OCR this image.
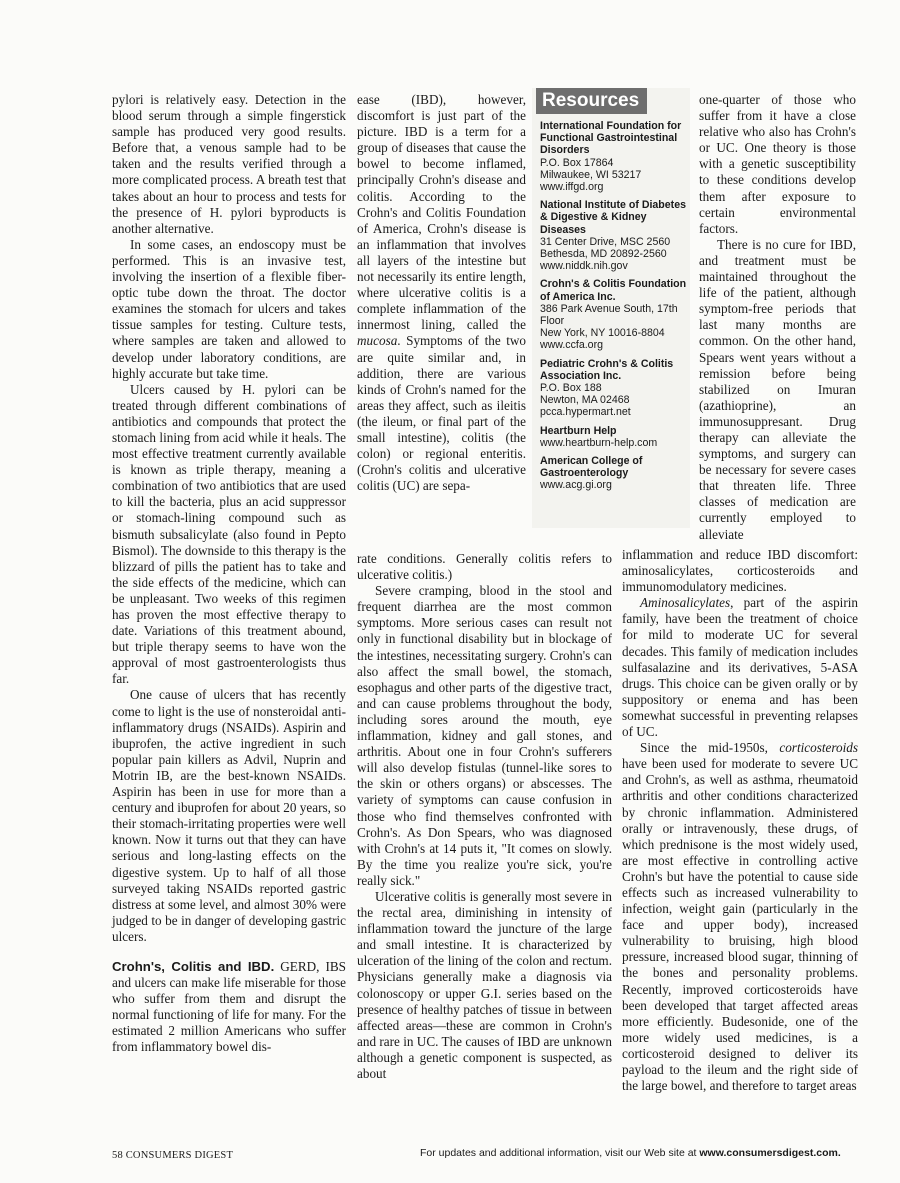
pylori is relatively easy. Detection in the blood serum through a simple fingerstick sample has produced very good results. Before that, a venous sample had to be taken and the results verified through a more complicated process. A breath test that takes about an hour to process and tests for the presence of H. pylori byproducts is another alternative.

In some cases, an endoscopy must be performed. This is an invasive test, involving the insertion of a flexible fiber-optic tube down the throat. The doctor examines the stomach for ulcers and takes tissue samples for testing. Culture tests, where samples are taken and allowed to develop under laboratory conditions, are highly accurate but take time.

Ulcers caused by H. pylori can be treated through different combinations of antibiotics and compounds that protect the stomach lining from acid while it heals. The most effective treatment currently available is known as triple therapy, meaning a combination of two antibiotics that are used to kill the bacteria, plus an acid suppressor or stomach-lining compound such as bismuth subsalicylate (also found in Pepto Bismol). The downside to this therapy is the blizzard of pills the patient has to take and the side effects of the medicine, which can be unpleasant. Two weeks of this regimen has proven the most effective therapy to date. Variations of this treatment abound, but triple therapy seems to have won the approval of most gastroenterologists thus far.

One cause of ulcers that has recently come to light is the use of nonsteroidal anti-inflammatory drugs (NSAIDs). Aspirin and ibuprofen, the active ingredient in such popular pain killers as Advil, Nuprin and Motrin IB, are the best-known NSAIDs. Aspirin has been in use for more than a century and ibuprofen for about 20 years, so their stomach-irritating properties were well known. Now it turns out that they can have serious and long-lasting effects on the digestive system. Up to half of all those surveyed taking NSAIDs reported gastric distress at some level, and almost 30% were judged to be in danger of developing gastric ulcers.

Crohn's, Colitis and IBD. GERD, IBS and ulcers can make life miserable for those who suffer from them and disrupt the normal functioning of life for many. For the estimated 2 million Americans who suffer from inflammatory bowel dis-

ease (IBD), however, discomfort is just part of the picture. IBD is a term for a group of diseases that cause the bowel to become inflamed, principally Crohn's disease and colitis. According to the Crohn's and Colitis Foundation of America, Crohn's disease is an inflammation that involves all layers of the intestine but not necessarily its entire length, where ulcerative colitis is a complete inflammation of the innermost lining, called the mucosa. Symptoms of the two are quite similar and, in addition, there are various kinds of Crohn's named for the areas they affect, such as ileitis (the ileum, or final part of the small intestine), colitis (the colon) or regional enteritis. (Crohn's colitis and ulcerative colitis (UC) are sepa-

rate conditions. Generally colitis refers to ulcerative colitis.)

Severe cramping, blood in the stool and frequent diarrhea are the most common symptoms. More serious cases can result not only in functional disability but in blockage of the intestines, necessitating surgery. Crohn's can also affect the small bowel, the stomach, esophagus and other parts of the digestive tract, and can cause problems throughout the body, including sores around the mouth, eye inflammation, kidney and gall stones, and arthritis. About one in four Crohn's sufferers will also develop fistulas (tunnel-like sores to the skin or others organs) or abscesses. The variety of symptoms can cause confusion in those who find themselves confronted with Crohn's. As Don Spears, who was diagnosed with Crohn's at 14 puts it, "It comes on slowly. By the time you realize you're sick, you're really sick."

Ulcerative colitis is generally most severe in the rectal area, diminishing in intensity of inflammation toward the juncture of the large and small intestine. It is characterized by ulceration of the lining of the colon and rectum. Physicians generally make a diagnosis via colonoscopy or upper G.I. series based on the presence of healthy patches of tissue in between affected areas—these are common in Crohn's and rare in UC. The causes of IBD are unknown although a genetic component is suspected, as about

Resources
International Foundation for Functional Gastrointestinal Disorders
P.O. Box 17864
Milwaukee, WI 53217
www.iffgd.org
National Institute of Diabetes & Digestive & Kidney Diseases
31 Center Drive, MSC 2560
Bethesda, MD 20892-2560
www.niddk.nih.gov
Crohn's & Colitis Foundation of America Inc.
386 Park Avenue South, 17th Floor
New York, NY 10016-8804
www.ccfa.org
Pediatric Crohn's & Colitis Association Inc.
P.O. Box 188
Newton, MA 02468
pcca.hypermart.net
Heartburn Help
www.heartburn-help.com
American College of Gastroenterology
www.acg.gi.org

one-quarter of those who suffer from it have a close relative who also has Crohn's or UC. One theory is those with a genetic susceptibility to these conditions develop them after exposure to certain environmental factors.

There is no cure for IBD, and treatment must be maintained throughout the life of the patient, although symptom-free periods that last many months are common. On the other hand, Spears went years without a remission before being stabilized on Imuran (azathioprine), an immunosuppresant. Drug therapy can alleviate the symptoms, and surgery can be necessary for severe cases that threaten life. Three classes of medication are currently employed to alleviate

inflammation and reduce IBD discomfort: aminosalicylates, corticosteroids and immunomodulatory medicines.

Aminosalicylates, part of the aspirin family, have been the treatment of choice for mild to moderate UC for several decades. This family of medication includes sulfasalazine and its derivatives, 5-ASA drugs. This choice can be given orally or by suppository or enema and has been somewhat successful in preventing relapses of UC.

Since the mid-1950s, corticosteroids have been used for moderate to severe UC and Crohn's, as well as asthma, rheumatoid arthritis and other conditions characterized by chronic inflammation. Administered orally or intravenously, these drugs, of which prednisone is the most widely used, are most effective in controlling active Crohn's but have the potential to cause side effects such as increased vulnerability to infection, weight gain (particularly in the face and upper body), increased vulnerability to bruising, high blood pressure, increased blood sugar, thinning of the bones and personality problems. Recently, improved corticosteroids have been developed that target affected areas more efficiently. Budesonide, one of the more widely used medicines, is a corticosteroid designed to deliver its payload to the ileum and the right side of the large bowel, and therefore to target areas

58 CONSUMERS DIGEST	For updates and additional information, visit our Web site at www.consumersdigest.com.
